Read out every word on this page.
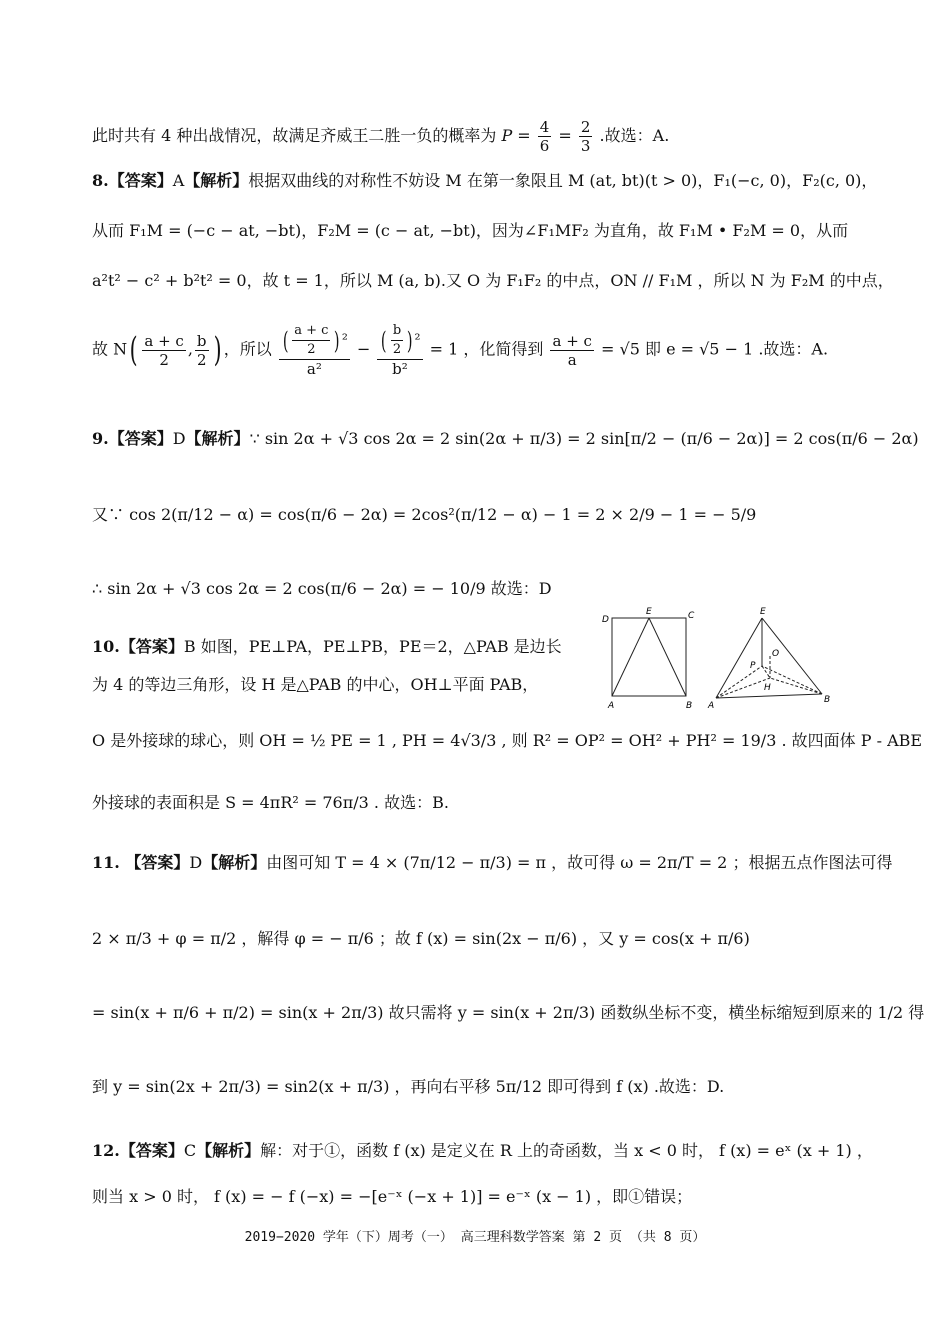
此时共有 4 种出战情况，故满足齐威王二胜一负的概率为 $P = \frac{4}{6} = \frac{2}{3}$ .故选：A.
8.【答案】A【解析】根据双曲线的对称性不妨设 M 在第一象限且 M (at, bt)(t > 0)，F₁(−c, 0)，F₂(c, 0)，
从而 F₁M = (−c − at, −bt)，F₂M = (c − at, −bt)，因为∠F₁MF₂ 为直角，故 F₁M • F₂M = 0，从而
a²t² − c² + b²t² = 0，故 t = 1，所以 M (a, b).又 O 为 F₁F₂ 的中点，ON // F₁M ，所以 N 为 F₂M 的中点，
故 $N( \frac{a + c}{2}$ , $\frac{b}{2}$ ) ，所以 $\frac{( \frac{a + c}{2} ) ^2}{\text{a²}} - \frac{( \frac{b}{2} ) ^2}{\text{b²}} = 1$ ，化简得到 $\frac{a + c}{a} = √5$ 即 e = √5 − 1 .故选：A.
9.【答案】D【解析】∵ sin 2α + √3 cos 2α = 2 sin(2α + π/3) = 2 sin[π/2 − (π/6 − 2α)] = 2 cos(π/6 − 2α)
又∵ cos 2(π/12 − α) = cos(π/6 − 2α) = 2cos²(π/12 − α) − 1 = 2 × 2/9 − 1 = − 5/9
∴ sin 2α + √3 cos 2α = 2 cos(π/6 − 2α) = − 10/9 故选：D
10.【答案】B 如图，PE⊥PA，PE⊥PB，PE＝2，△PAB 是边长
为 4 的等边三角形，设 H 是△PAB 的中心，OH⊥平面 PAB，
O 是外接球的球心，则 OH = ½ PE = 1 , PH = 4√3/3 , 则 R² = OP² = OH² + PH² = 19/3 . 故四面体 P - ABE
外接球的表面积是 S = 4πR² = 76π/3 . 故选：B.
D
E	C
A	B
E
O
P
H
A
B
11. 【答案】D【解析】由图可知 T = 4 × (7π/12 − π/3) = π ，故可得 ω = 2π/T = 2 ；根据五点作图法可得
2 × π/3 + φ = π/2 ，解得 φ = − π/6 ；故 f (x) = sin(2x − π/6) ，又 y = cos(x + π/6)
= sin(x + π/6 + π/2) = sin(x + 2π/3) 故只需将 y = sin(x + 2π/3) 函数纵坐标不变，横坐标缩短到原来的 1/2 得
到 y = sin(2x + 2π/3) = sin2(x + π/3) ，再向右平移 5π/12 即可得到 f (x) .故选：D.
12.【答案】C【解析】解：对于①，函数 f (x) 是定义在 R 上的奇函数，当 x < 0 时， f (x) = eˣ (x + 1) ，
则当 x > 0 时， f (x) = − f (−x) = −[e⁻ˣ (−x + 1)] = e⁻ˣ (x − 1) ，即①错误；
2019−2020 学年（下）周考（一） 高三理科数学答案 第 2 页 （共 8 页）
